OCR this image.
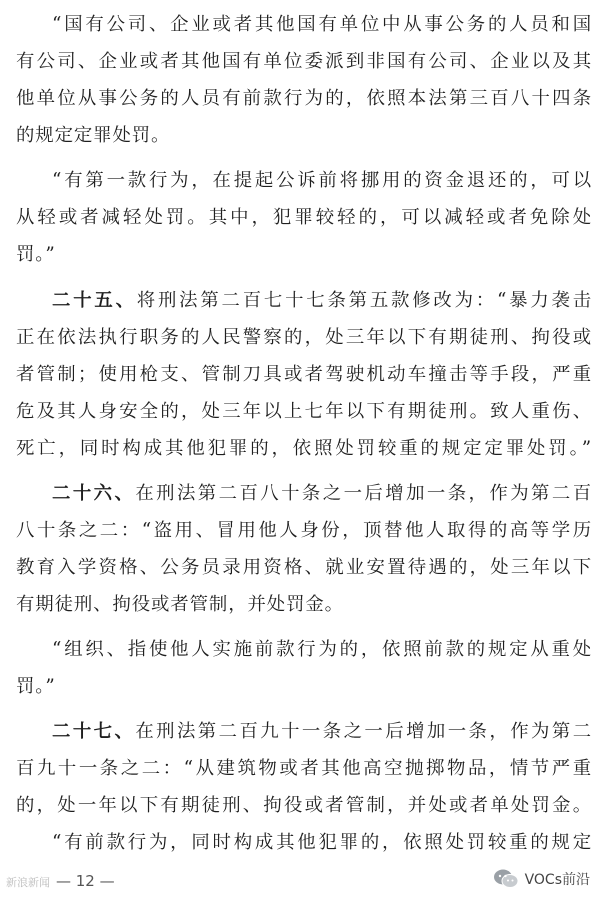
“国有公司、企业或者其他国有单位中从事公务的人员和国
有公司、企业或者其他国有单位委派到非国有公司、企业以及其
他单位从事公务的人员有前款行为的，依照本法第三百八十四条
的规定定罪处罚。
“有第一款行为，在提起公诉前将挪用的资金退还的，可以
从轻或者减轻处罚。其中，犯罪较轻的，可以减轻或者免除处
罚。”
二十五、将刑法第二百七十七条第五款修改为：“暴力袭击
正在依法执行职务的人民警察的，处三年以下有期徒刑、拘役或
者管制；使用枪支、管制刀具或者驾驶机动车撞击等手段，严重
危及其人身安全的，处三年以上七年以下有期徒刑。致人重伤、
死亡，同时构成其他犯罪的，依照处罚较重的规定定罪处罚。”
二十六、在刑法第二百八十条之一后增加一条，作为第二百
八十条之二：“盗用、冒用他人身份，顶替他人取得的高等学历
教育入学资格、公务员录用资格、就业安置待遇的，处三年以下
有期徒刑、拘役或者管制，并处罚金。
“组织、指使他人实施前款行为的，依照前款的规定从重处
罚。”
二十七、在刑法第二百九十一条之一后增加一条，作为第二
百九十一条之二：“从建筑物或者其他高空抛掷物品，情节严重
的，处一年以下有期徒刑、拘役或者管制，并处或者单处罚金。
“有前款行为，同时构成其他犯罪的，依照处罚较重的规定
新浪新闻 — 12 —	VOCs前沿
